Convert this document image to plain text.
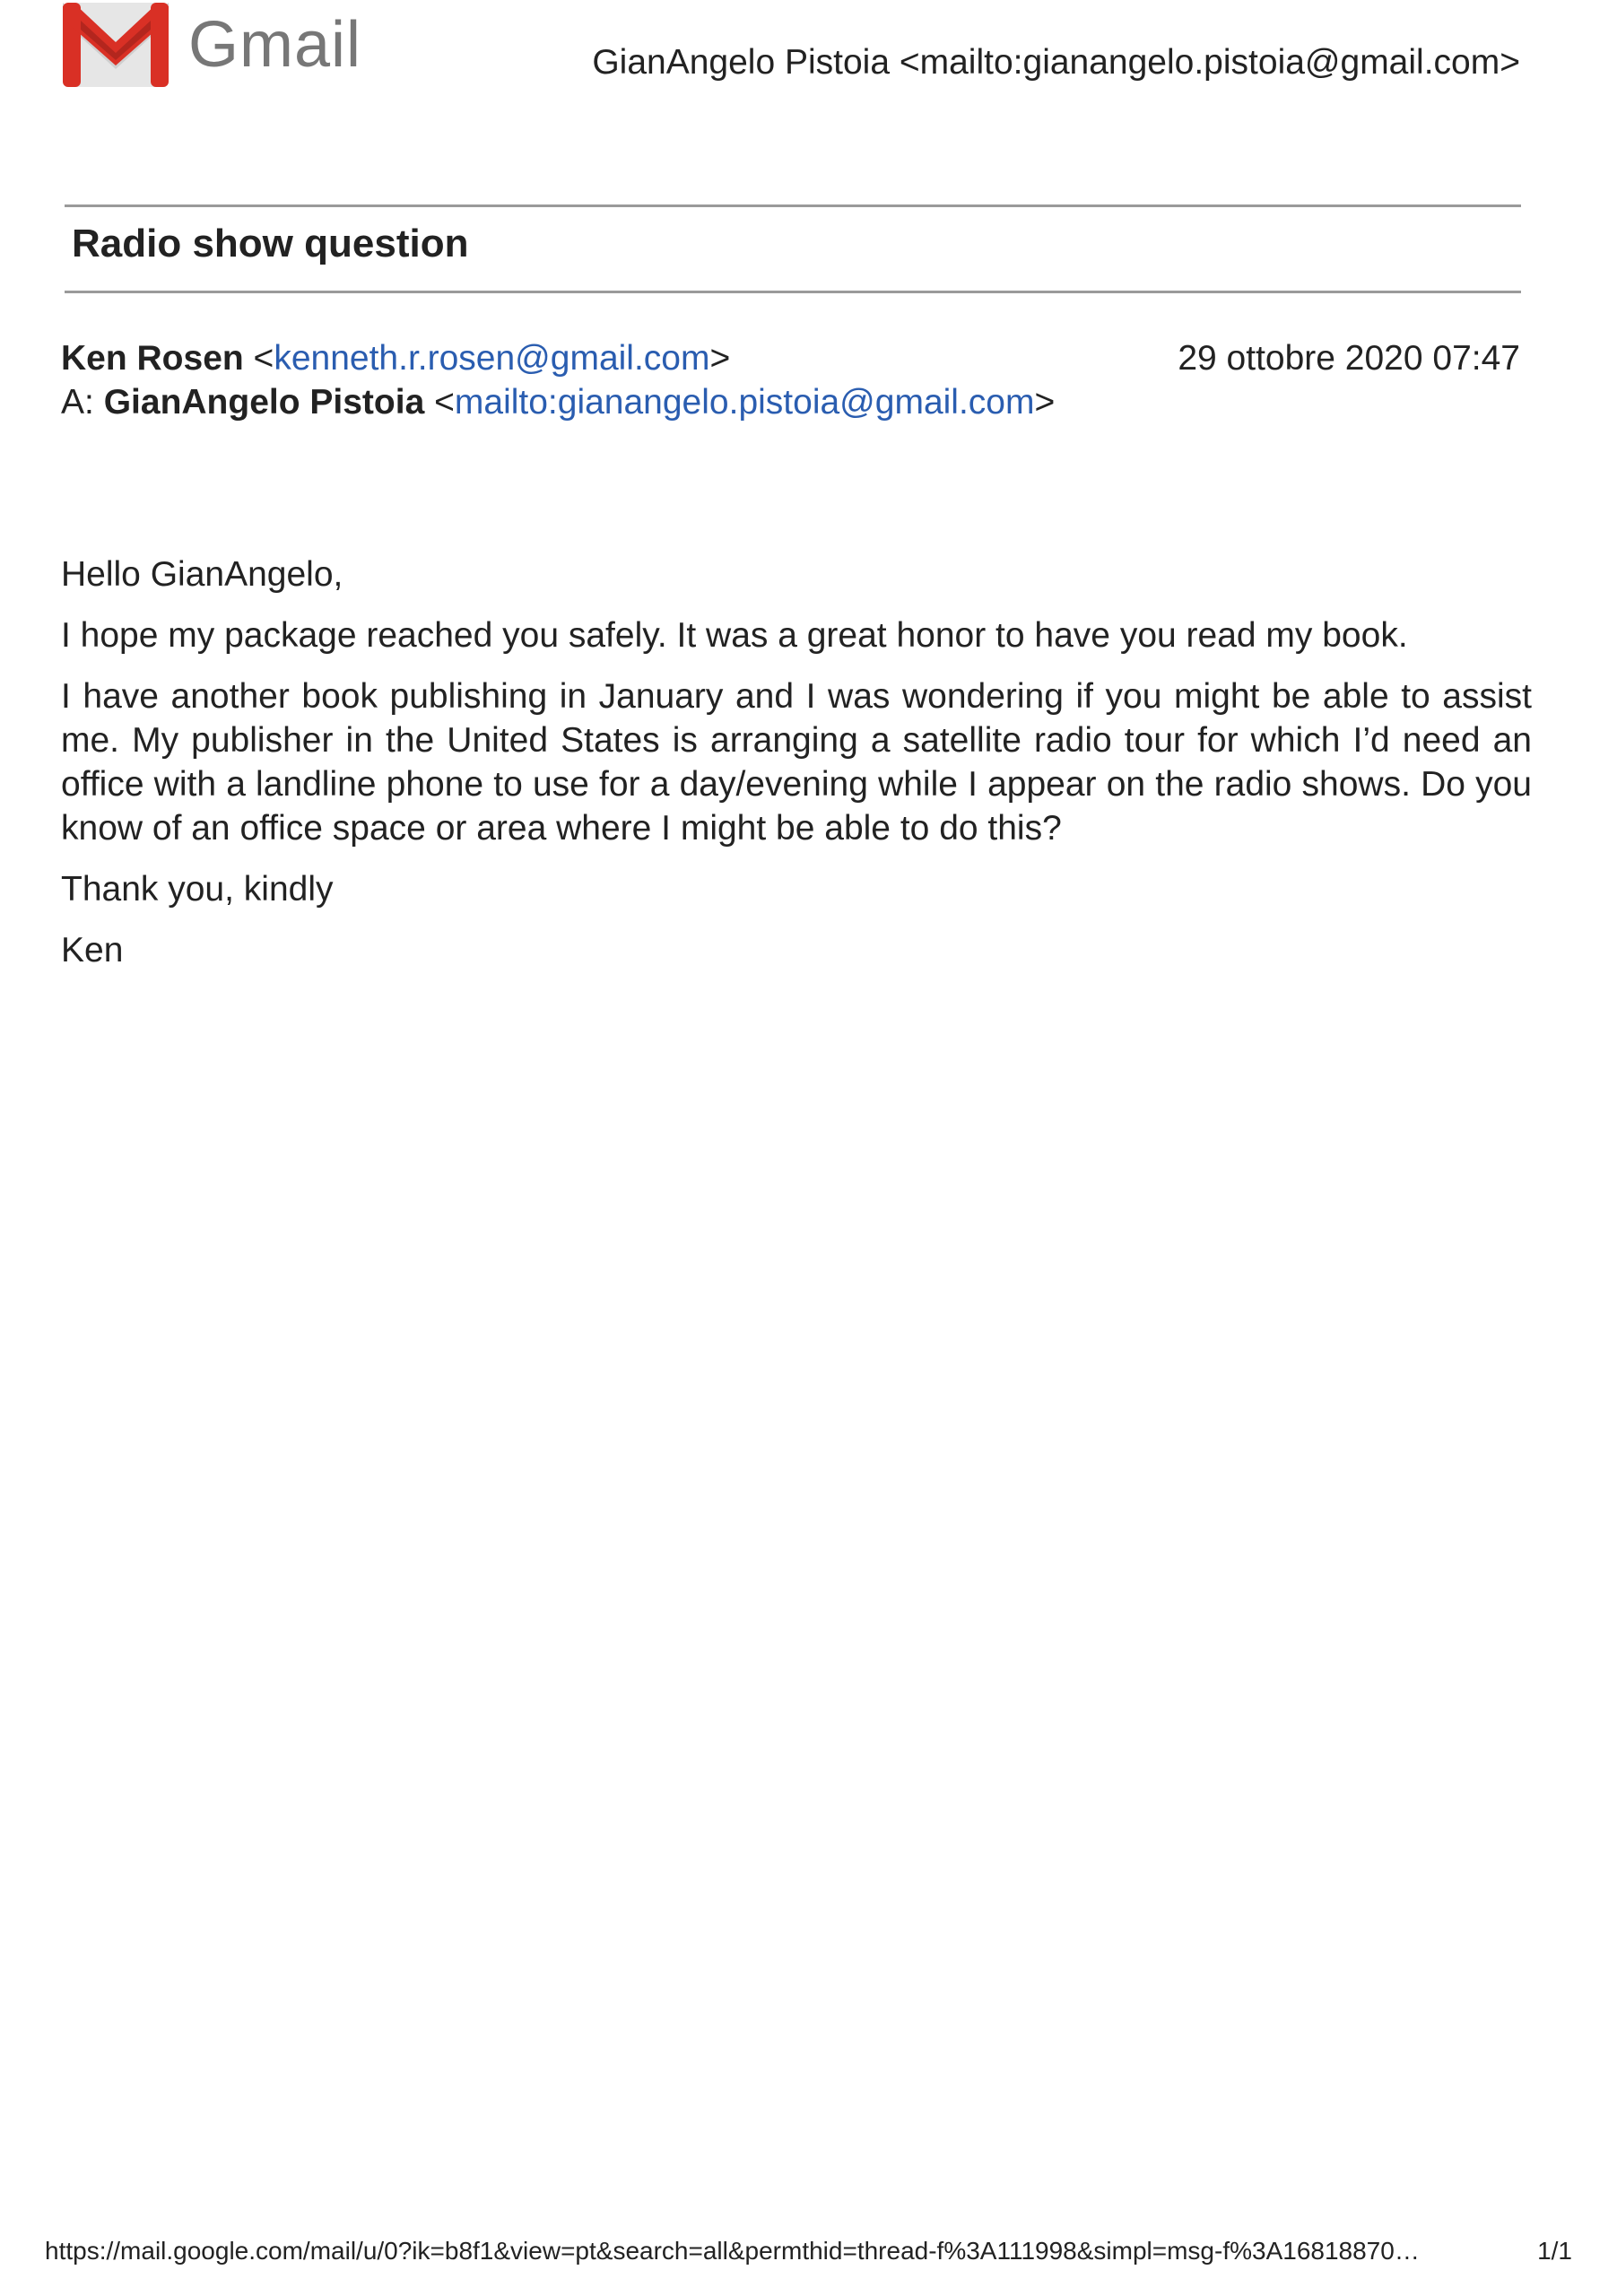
Gmail	GianAngelo Pistoia <mailto:gianangelo.pistoia@gmail.com>
Radio show question
Ken Rosen <kenneth.r.rosen@gmail.com>	29 ottobre 2020 07:47
A: GianAngelo Pistoia <mailto:gianangelo.pistoia@gmail.com>

Hello GianAngelo,

I hope my package reached you safely. It was a great honor to have you read my book.

I have another book publishing in January and I was wondering if you might be able to assist me. My publisher in the United States is arranging a satellite radio tour for which I’d need an office with a landline phone to use for a day/evening while I appear on the radio shows. Do you know of an office space or area where I might be able to do this?

Thank you, kindly

Ken

https://mail.google.com/mail/u/0?ik=b8f1&view=pt&search=all&permthid=thread-f%3A111998&simpl=msg-f%3A16818870…	1/1
